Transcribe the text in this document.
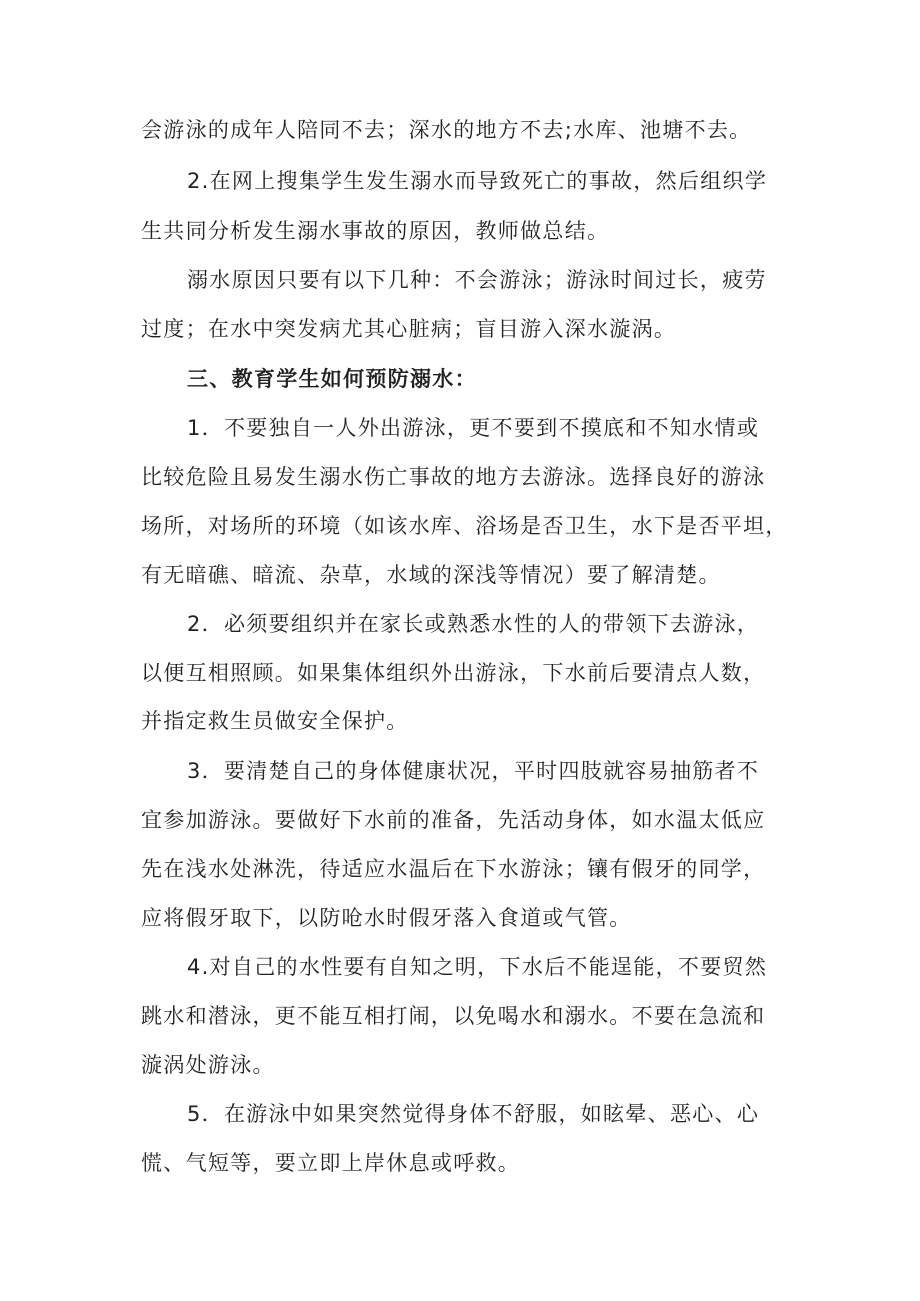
会游泳的成年人陪同不去；深水的地方不去;水库、池塘不去。
2.在网上搜集学生发生溺水而导致死亡的事故，然后组织学
生共同分析发生溺水事故的原因，教师做总结。
溺水原因只要有以下几种：不会游泳；游泳时间过长，疲劳
过度；在水中突发病尤其心脏病；盲目游入深水漩涡。
三、教育学生如何预防溺水：
1．不要独自一人外出游泳，更不要到不摸底和不知水情或
比较危险且易发生溺水伤亡事故的地方去游泳。选择良好的游泳
场所，对场所的环境（如该水库、浴场是否卫生，水下是否平坦，
有无暗礁、暗流、杂草，水域的深浅等情况）要了解清楚。
2．必须要组织并在家长或熟悉水性的人的带领下去游泳，
以便互相照顾。如果集体组织外出游泳，下水前后要清点人数，
并指定救生员做安全保护。
3．要清楚自己的身体健康状况，平时四肢就容易抽筋者不
宜参加游泳。要做好下水前的准备，先活动身体，如水温太低应
先在浅水处淋洗，待适应水温后在下水游泳；镶有假牙的同学，
应将假牙取下，以防呛水时假牙落入食道或气管。
4.对自己的水性要有自知之明，下水后不能逞能，不要贸然
跳水和潜泳，更不能互相打闹，以免喝水和溺水。不要在急流和
漩涡处游泳。
5．在游泳中如果突然觉得身体不舒服，如眩晕、恶心、心
慌、气短等，要立即上岸休息或呼救。
